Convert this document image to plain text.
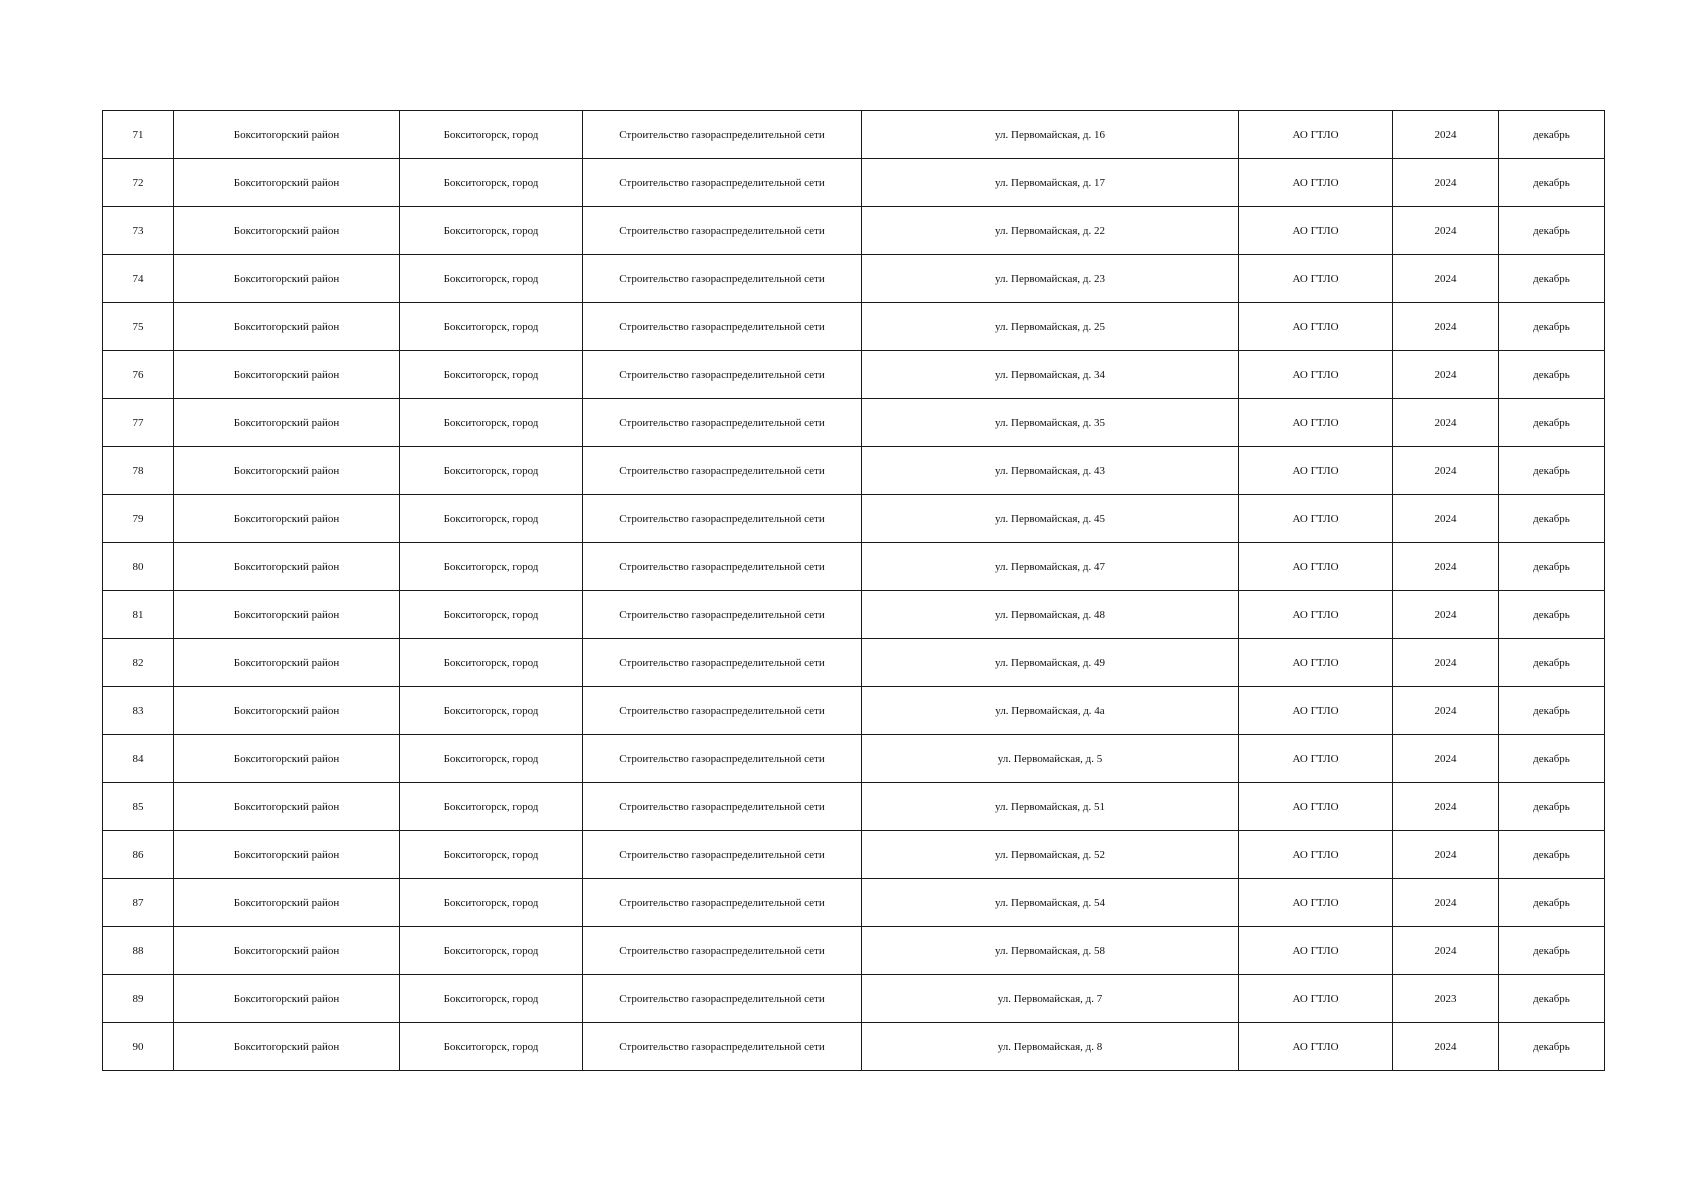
71	Бокситогорский район	Бокситогорск, город	Строительство газораспределительной сети	ул. Первомайская, д. 16	АО ГТЛО	2024	декабрь
72	Бокситогорский район	Бокситогорск, город	Строительство газораспределительной сети	ул. Первомайская, д. 17	АО ГТЛО	2024	декабрь
73	Бокситогорский район	Бокситогорск, город	Строительство газораспределительной сети	ул. Первомайская, д. 22	АО ГТЛО	2024	декабрь
74	Бокситогорский район	Бокситогорск, город	Строительство газораспределительной сети	ул. Первомайская, д. 23	АО ГТЛО	2024	декабрь
75	Бокситогорский район	Бокситогорск, город	Строительство газораспределительной сети	ул. Первомайская, д. 25	АО ГТЛО	2024	декабрь
76	Бокситогорский район	Бокситогорск, город	Строительство газораспределительной сети	ул. Первомайская, д. 34	АО ГТЛО	2024	декабрь
77	Бокситогорский район	Бокситогорск, город	Строительство газораспределительной сети	ул. Первомайская, д. 35	АО ГТЛО	2024	декабрь
78	Бокситогорский район	Бокситогорск, город	Строительство газораспределительной сети	ул. Первомайская, д. 43	АО ГТЛО	2024	декабрь
79	Бокситогорский район	Бокситогорск, город	Строительство газораспределительной сети	ул. Первомайская, д. 45	АО ГТЛО	2024	декабрь
80	Бокситогорский район	Бокситогорск, город	Строительство газораспределительной сети	ул. Первомайская, д. 47	АО ГТЛО	2024	декабрь
81	Бокситогорский район	Бокситогорск, город	Строительство газораспределительной сети	ул. Первомайская, д. 48	АО ГТЛО	2024	декабрь
82	Бокситогорский район	Бокситогорск, город	Строительство газораспределительной сети	ул. Первомайская, д. 49	АО ГТЛО	2024	декабрь
83	Бокситогорский район	Бокситогорск, город	Строительство газораспределительной сети	ул. Первомайская, д. 4а	АО ГТЛО	2024	декабрь
84	Бокситогорский район	Бокситогорск, город	Строительство газораспределительной сети	ул. Первомайская, д. 5	АО ГТЛО	2024	декабрь
85	Бокситогорский район	Бокситогорск, город	Строительство газораспределительной сети	ул. Первомайская, д. 51	АО ГТЛО	2024	декабрь
86	Бокситогорский район	Бокситогорск, город	Строительство газораспределительной сети	ул. Первомайская, д. 52	АО ГТЛО	2024	декабрь
87	Бокситогорский район	Бокситогорск, город	Строительство газораспределительной сети	ул. Первомайская, д. 54	АО ГТЛО	2024	декабрь
88	Бокситогорский район	Бокситогорск, город	Строительство газораспределительной сети	ул. Первомайская, д. 58	АО ГТЛО	2024	декабрь
89	Бокситогорский район	Бокситогорск, город	Строительство газораспределительной сети	ул. Первомайская, д. 7	АО ГТЛО	2023	декабрь
90	Бокситогорский район	Бокситогорск, город	Строительство газораспределительной сети	ул. Первомайская, д. 8	АО ГТЛО	2024	декабрь
